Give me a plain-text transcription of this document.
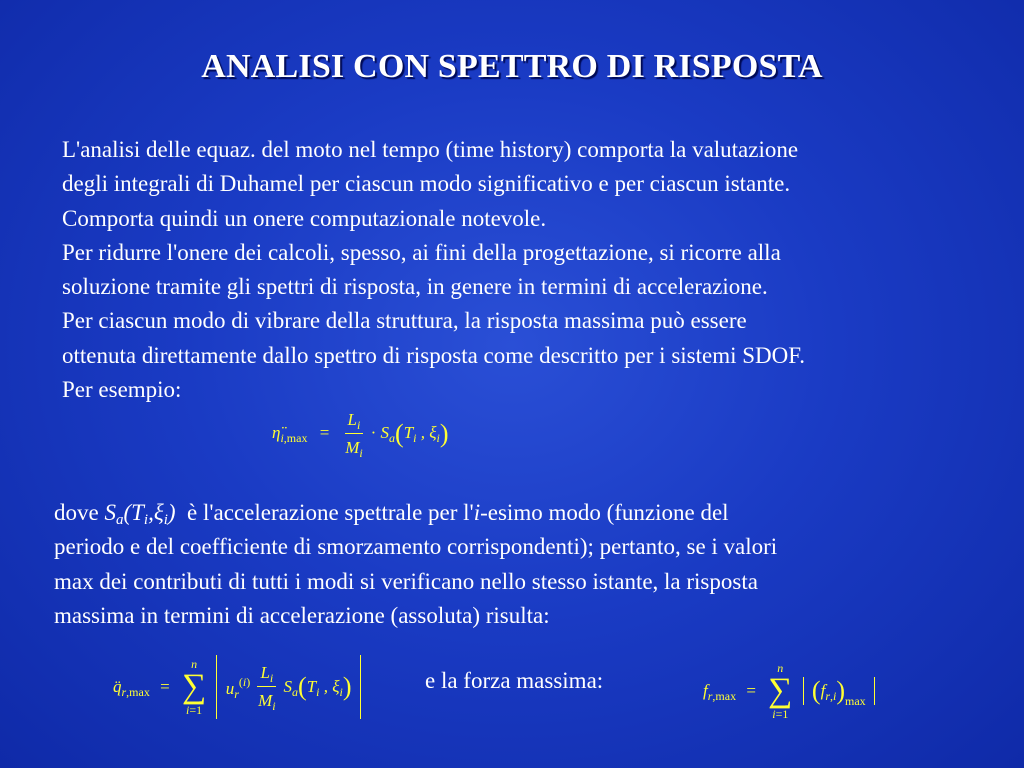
ANALISI CON SPETTRO DI RISPOSTA

L'analisi delle equaz. del moto nel tempo (time history) comporta la valutazione

degli integrali di Duhamel per ciascun modo significativo e per ciascun istante.

Comporta quindi un onere computazionale notevole.

Per ridurre l'onere dei calcoli, spesso, ai fini della progettazione, si ricorre alla

soluzione tramite gli spettri di risposta, in genere in termini di accelerazione.

Per ciascun modo di vibrare della struttura, la risposta massima può essere

ottenuta direttamente dallo spettro di risposta come descritto per i sistemi SDOF.

Per esempio:

$\etä_{i,max} = \frac{L_i}{M_i} \cdot S_a(T_i$ , $\xi_i$)

dove $S_a(T_i,\xi_i)$ è l'accelerazione spettrale per l'i-esimo modo (funzione del

periodo e del coefficiente di smorzamento corrispondenti); pertanto, se i valori

max dei contributi di tutti i modi si verificano nello stesso istante, la risposta

massima in termini di accelerazione (assoluta) risulta:

$q̈_{r,max}$ =
n
∑
i=1
$u_r^{(i)} \frac{L_i}{M_i} S_a(T_i$ , $\xi_i$)	e la forza massima:	$f_{r,max}$ =
n
∑
i=1
$(f_{r,i})_{max}$
